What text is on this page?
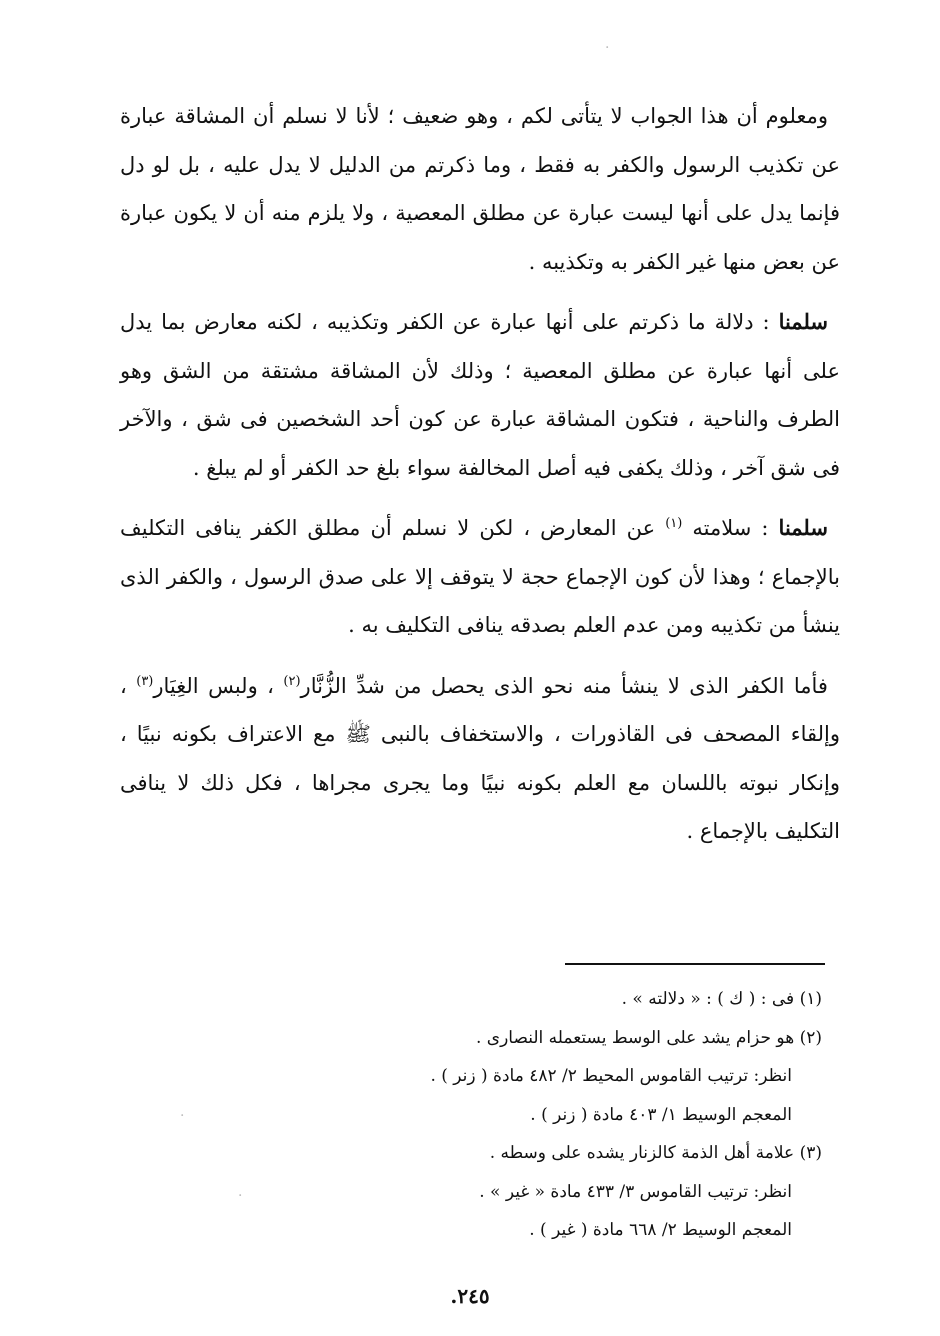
ومعلوم أن هذا الجواب لا يتأتى لكم ، وهو ضعيف ؛ لأنا لا نسلم أن المشاقة عبارة عن تكذيب الرسول والكفر به فقط ، وما ذكرتم من الدليل لا يدل عليه ، بل لو دل فإنما يدل على أنها ليست عبارة عن مطلق المعصية ، ولا يلزم منه أن لا يكون عبارة عن بعض منها غير الكفر به وتكذيبه .

سلمنا : دلالة ما ذكرتم على أنها عبارة عن الكفر وتكذيبه ، لكنه معارض بما يدل على أنها عبارة عن مطلق المعصية ؛ وذلك لأن المشاقة مشتقة من الشق وهو الطرف والناحية ، فتكون المشاقة عبارة عن كون أحد الشخصين فى شق ، والآخر فى شق آخر ، وذلك يكفى فيه أصل المخالفة سواء بلغ حد الكفر أو لم يبلغ .

سلمنا : سلامته $^{(١)}$ عن المعارض ، لكن لا نسلم أن مطلق الكفر ينافى التكليف بالإجماع ؛ وهذا لأن كون الإجماع حجة لا يتوقف إلا على صدق الرسول ، والكفر الذى ينشأ من تكذيبه ومن عدم العلم بصدقه ينافى التكليف به .

فأما الكفر الذى لا ينشأ منه نحو الذى يحصل من شدِّ الزُّنَّار$^{(٢)}$ ، ولبس الغِيَار$^{(٣)}$ ، وإلقاء المصحف فى القاذورات ، والاستخفاف بالنبى ﷺ مع الاعتراف بكونه نبيًا ، وإنكار نبوته باللسان مع العلم بكونه نبيًا وما يجرى مجراها ، فكل ذلك لا ينافى التكليف بالإجماع .

(١) فى : ( ك ) : « دلالته » .
(٢) هو حزام يشد على الوسط يستعمله النصارى .
انظر: ترتيب القاموس المحيط ٢/ ٤٨٢ مادة ( زنر ) .
المعجم الوسيط ١/ ٤٠٣ مادة ( زنر ) .
(٣) علامة أهل الذمة كالزنار يشده على وسطه .
انظر: ترتيب القاموس ٣/ ٤٣٣ مادة « غير » .
المعجم الوسيط ٢/ ٦٦٨ مادة ( غير ) .
٢٤٥.
·
·
·
